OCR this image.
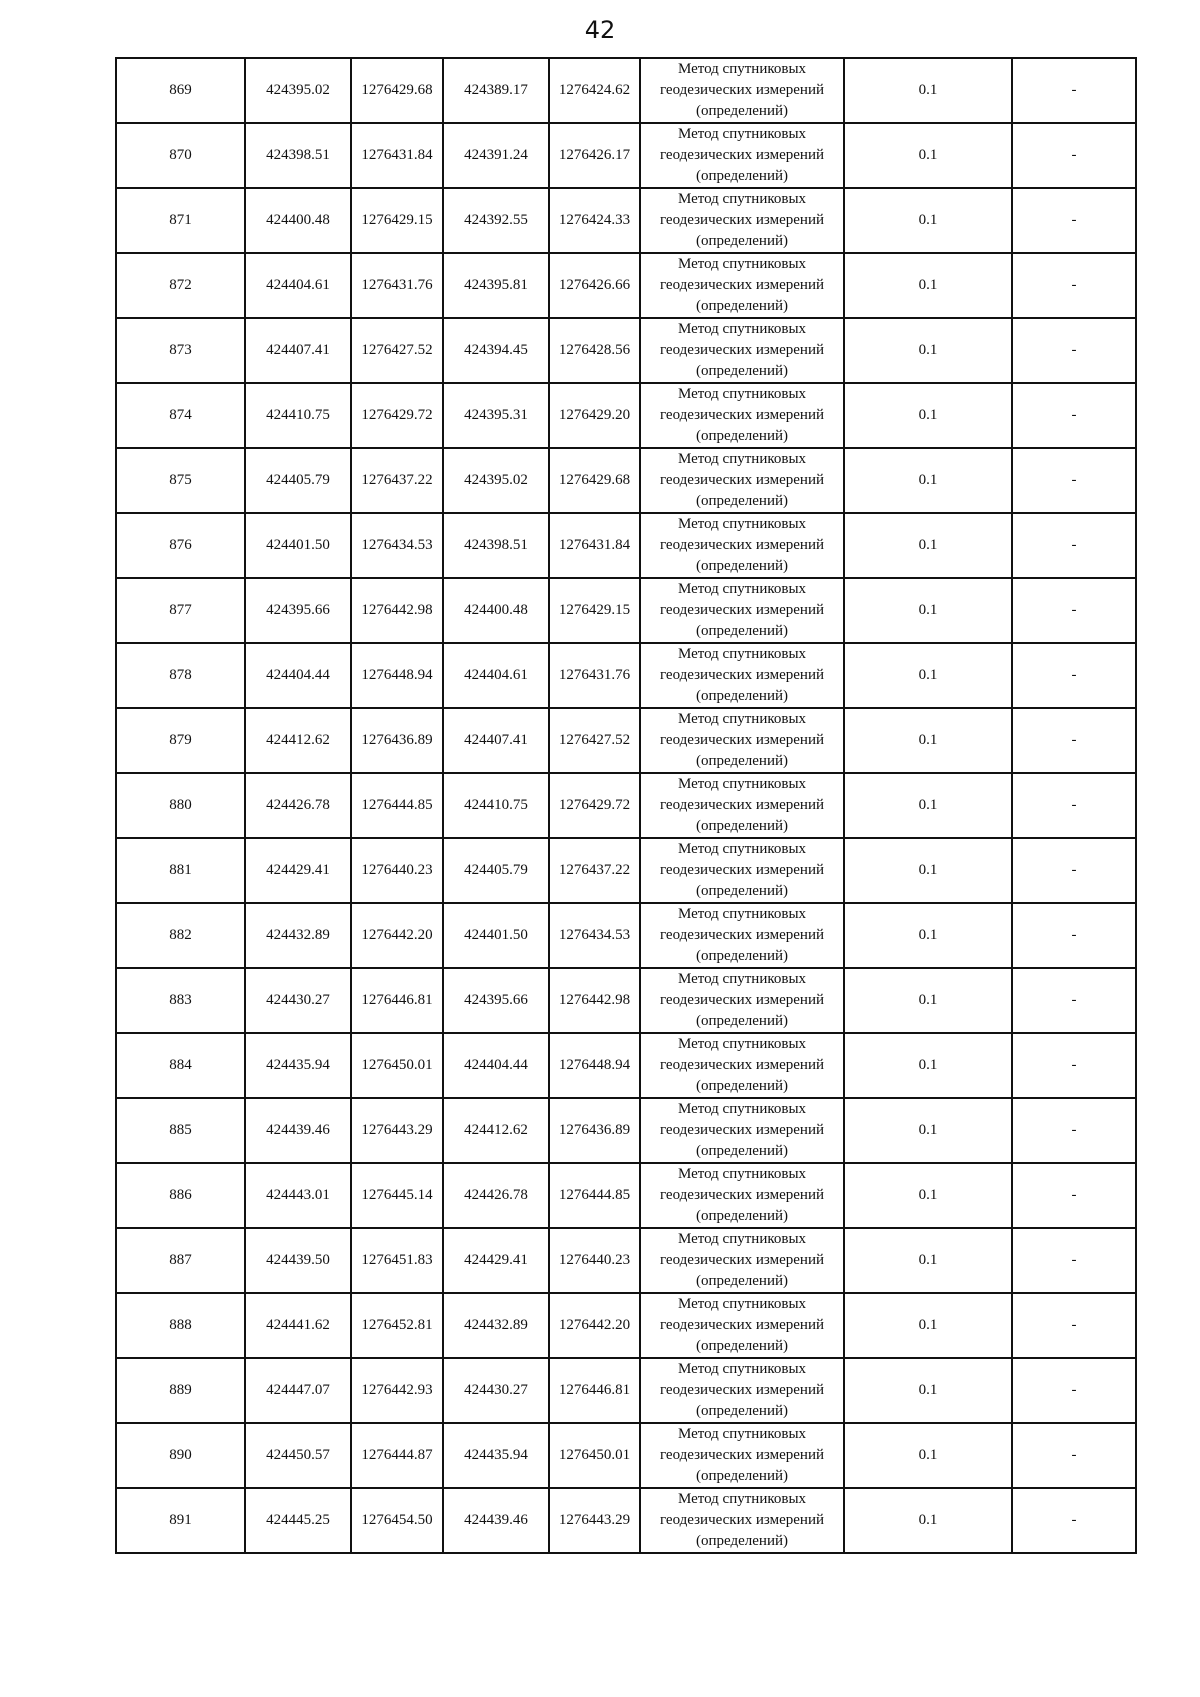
42
869	424395.02	1276429.68	424389.17	1276424.62	Метод спутниковых
геодезических измерений
(определений)	0.1	-
870	424398.51	1276431.84	424391.24	1276426.17	Метод спутниковых
геодезических измерений
(определений)	0.1	-
871	424400.48	1276429.15	424392.55	1276424.33	Метод спутниковых
геодезических измерений
(определений)	0.1	-
872	424404.61	1276431.76	424395.81	1276426.66	Метод спутниковых
геодезических измерений
(определений)	0.1	-
873	424407.41	1276427.52	424394.45	1276428.56	Метод спутниковых
геодезических измерений
(определений)	0.1	-
874	424410.75	1276429.72	424395.31	1276429.20	Метод спутниковых
геодезических измерений
(определений)	0.1	-
875	424405.79	1276437.22	424395.02	1276429.68	Метод спутниковых
геодезических измерений
(определений)	0.1	-
876	424401.50	1276434.53	424398.51	1276431.84	Метод спутниковых
геодезических измерений
(определений)	0.1	-
877	424395.66	1276442.98	424400.48	1276429.15	Метод спутниковых
геодезических измерений
(определений)	0.1	-
878	424404.44	1276448.94	424404.61	1276431.76	Метод спутниковых
геодезических измерений
(определений)	0.1	-
879	424412.62	1276436.89	424407.41	1276427.52	Метод спутниковых
геодезических измерений
(определений)	0.1	-
880	424426.78	1276444.85	424410.75	1276429.72	Метод спутниковых
геодезических измерений
(определений)	0.1	-
881	424429.41	1276440.23	424405.79	1276437.22	Метод спутниковых
геодезических измерений
(определений)	0.1	-
882	424432.89	1276442.20	424401.50	1276434.53	Метод спутниковых
геодезических измерений
(определений)	0.1	-
883	424430.27	1276446.81	424395.66	1276442.98	Метод спутниковых
геодезических измерений
(определений)	0.1	-
884	424435.94	1276450.01	424404.44	1276448.94	Метод спутниковых
геодезических измерений
(определений)	0.1	-
885	424439.46	1276443.29	424412.62	1276436.89	Метод спутниковых
геодезических измерений
(определений)	0.1	-
886	424443.01	1276445.14	424426.78	1276444.85	Метод спутниковых
геодезических измерений
(определений)	0.1	-
887	424439.50	1276451.83	424429.41	1276440.23	Метод спутниковых
геодезических измерений
(определений)	0.1	-
888	424441.62	1276452.81	424432.89	1276442.20	Метод спутниковых
геодезических измерений
(определений)	0.1	-
889	424447.07	1276442.93	424430.27	1276446.81	Метод спутниковых
геодезических измерений
(определений)	0.1	-
890	424450.57	1276444.87	424435.94	1276450.01	Метод спутниковых
геодезических измерений
(определений)	0.1	-
891	424445.25	1276454.50	424439.46	1276443.29	Метод спутниковых
геодезических измерений
(определений)	0.1	-
